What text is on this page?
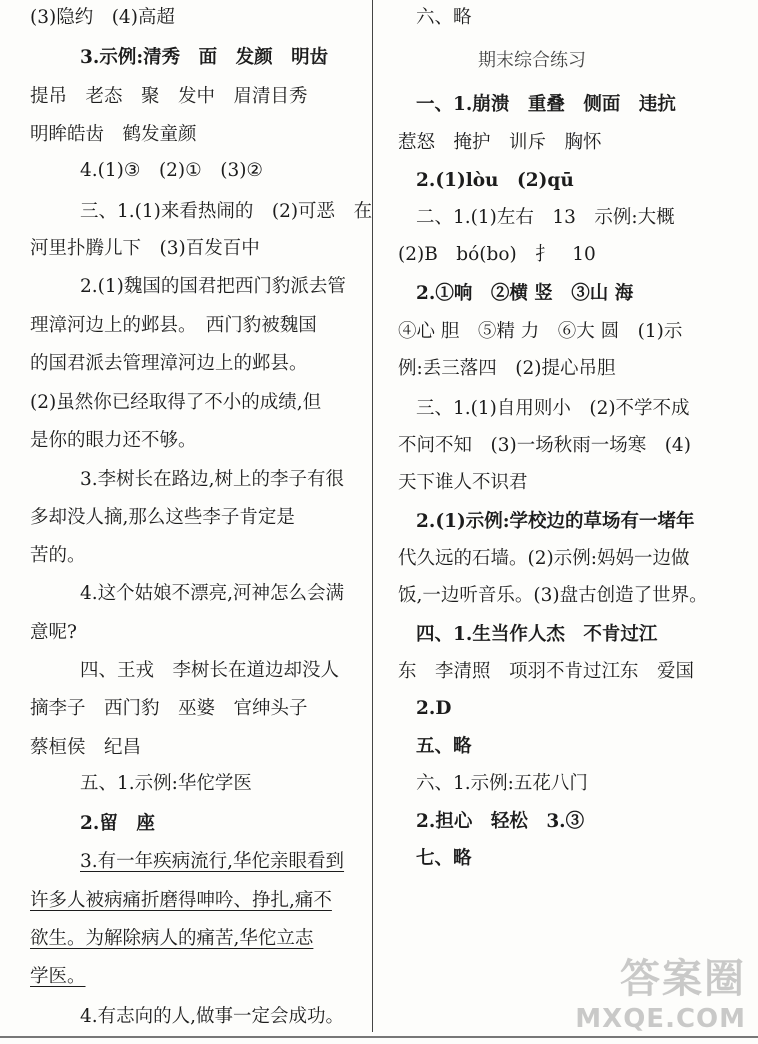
(3)隐约　(4)高超
3.示例:清秀　面　发颜　明齿
提吊　老态　聚　发中　眉清目秀
明眸皓齿　鹤发童颜
4.(1)③　(2)①　(3)②
三、1.(1)来看热闹的　(2)可恶　在
河里扑腾儿下　(3)百发百中
2.(1)魏国的国君把西门豹派去管
理漳河边上的邺县。　西门豹被魏国
的国君派去管理漳河边上的邺县。
(2)虽然你已经取得了不小的成绩,但
是你的眼力还不够。
3.李树长在路边,树上的李子有很
多却没人摘,那么这些李子肯定是
苦的。
4.这个姑娘不漂亮,河神怎么会满
意呢?
四、王戎　李树长在道边却没人
摘李子　西门豹　巫婆　官绅头子
蔡桓侯　纪昌
五、1.示例:华佗学医
2.留　座
3.有一年疾病流行,华佗亲眼看到
许多人被病痛折磨得呻吟、挣扎,痛不
欲生。为解除病人的痛苦,华佗立志
学医。
4.有志向的人,做事一定会成功。
六、略
期末综合练习
一、1.崩溃　重叠　侧面　违抗
惹怒　掩护　训斥　胸怀
2.(1)lòu　(2)qū
二、1.(1)左右　13　示例:大概
(2)B　bó(bo)　扌　10
2.①响　②横 竖　③山 海
④心 胆　⑤精 力　⑥大 圆　(1)示
例:丢三落四　(2)提心吊胆
三、1.(1)自用则小　(2)不学不成
不问不知　(3)一场秋雨一场寒　(4)
天下谁人不识君
2.(1)示例:学校边的草场有一堵年
代久远的石墙。(2)示例:妈妈一边做
饭,一边听音乐。(3)盘古创造了世界。
四、1.生当作人杰　不肯过江
东　李清照　项羽不肯过江东　爱国
2.D
五、略
六、1.示例:五花八门
2.担心　轻松　3.③
七、略
答案圈
MXQE.COM
